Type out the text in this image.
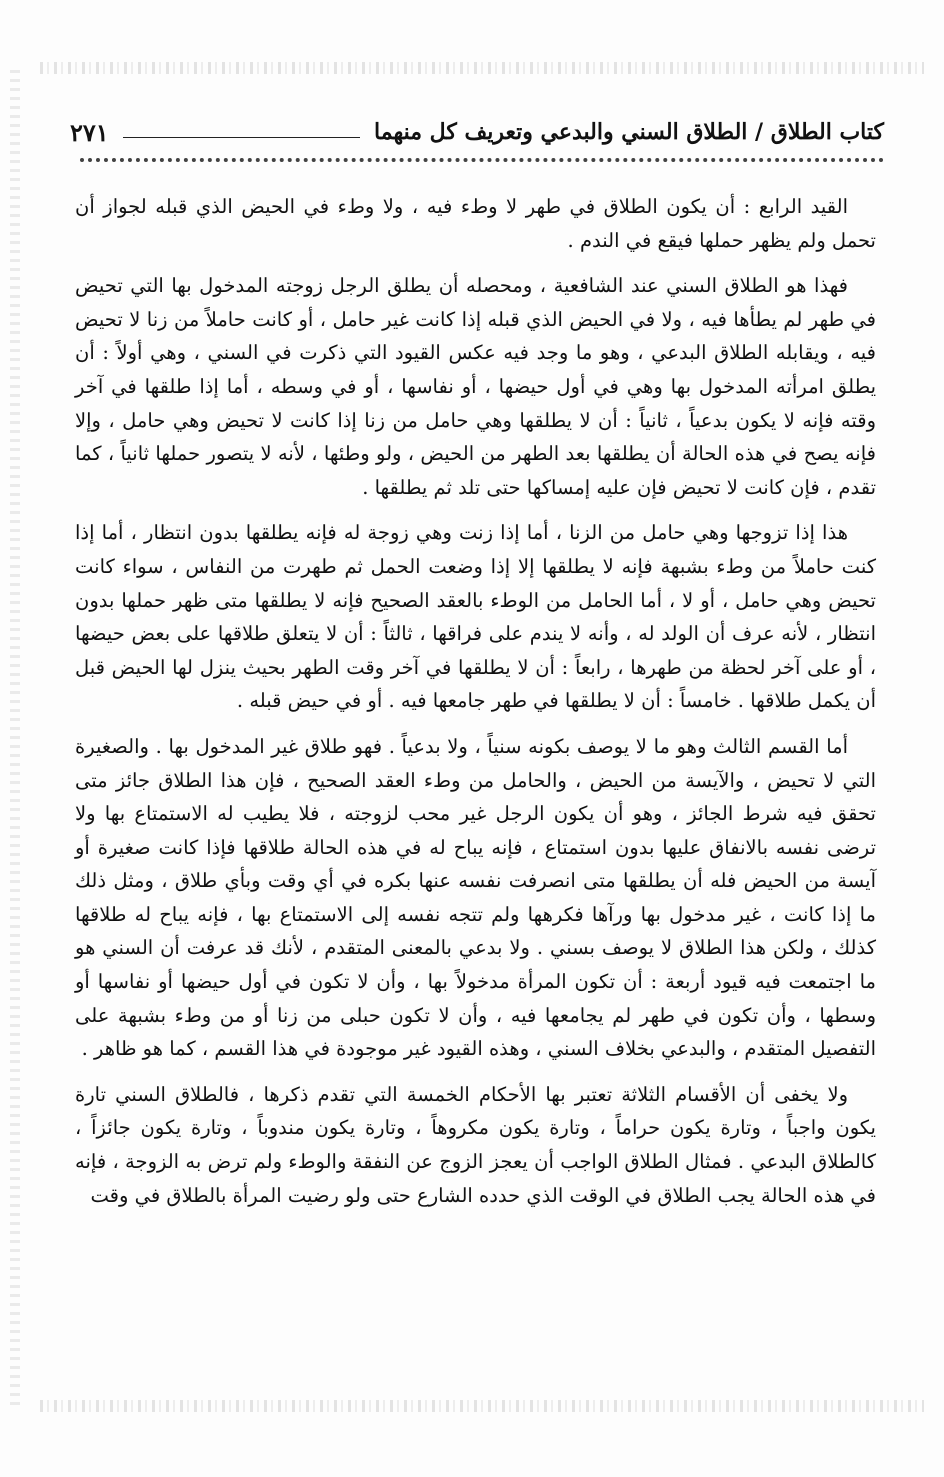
كتاب الطلاق / الطلاق السني والبدعي وتعريف كل منهما
٢٧١

القيد الرابع : أن يكون الطلاق في طهر لا وطء فيه ، ولا وطء في الحيض الذي قبله لجواز أن تحمل ولم يظهر حملها فيقع في الندم .

فهذا هو الطلاق السني عند الشافعية ، ومحصله أن يطلق الرجل زوجته المدخول بها التي تحيض في طهر لم يطأها فيه ، ولا في الحيض الذي قبله إذا كانت غير حامل ، أو كانت حاملاً من زنا لا تحيض فيه ، ويقابله الطلاق البدعي ، وهو ما وجد فيه عكس القيود التي ذكرت في السني ، وهي أولاً : أن يطلق امرأته المدخول بها وهي في أول حيضها ، أو نفاسها ، أو في وسطه ، أما إذا طلقها في آخر وقته فإنه لا يكون بدعياً ، ثانياً : أن لا يطلقها وهي حامل من زنا إذا كانت لا تحيض وهي حامل ، وإلا فإنه يصح في هذه الحالة أن يطلقها بعد الطهر من الحيض ، ولو وطئها ، لأنه لا يتصور حملها ثانياً ، كما تقدم ، فإن كانت لا تحيض فإن عليه إمساكها حتى تلد ثم يطلقها .

هذا إذا تزوجها وهي حامل من الزنا ، أما إذا زنت وهي زوجة له فإنه يطلقها بدون انتظار ، أما إذا كنت حاملاً من وطء بشبهة فإنه لا يطلقها إلا إذا وضعت الحمل ثم طهرت من النفاس ، سواء كانت تحيض وهي حامل ، أو لا ، أما الحامل من الوطء بالعقد الصحيح فإنه لا يطلقها متى ظهر حملها بدون انتظار ، لأنه عرف أن الولد له ، وأنه لا يندم على فراقها ، ثالثاً : أن لا يتعلق طلاقها على بعض حيضها ، أو على آخر لحظة من طهرها ، رابعاً : أن لا يطلقها في آخر وقت الطهر بحيث ينزل لها الحيض قبل أن يكمل طلاقها . خامساً : أن لا يطلقها في طهر جامعها فيه . أو في حيض قبله .

أما القسم الثالث وهو ما لا يوصف بكونه سنياً ، ولا بدعياً . فهو طلاق غير المدخول بها . والصغيرة التي لا تحيض ، والآيسة من الحيض ، والحامل من وطء العقد الصحيح ، فإن هذا الطلاق جائز متى تحقق فيه شرط الجائز ، وهو أن يكون الرجل غير محب لزوجته ، فلا يطيب له الاستمتاع بها ولا ترضى نفسه بالانفاق عليها بدون استمتاع ، فإنه يباح له في هذه الحالة طلاقها فإذا كانت صغيرة أو آيسة من الحيض فله أن يطلقها متى انصرفت نفسه عنها بكره في أي وقت وبأي طلاق ، ومثل ذلك ما إذا كانت ، غير مدخول بها ورآها فكرهها ولم تتجه نفسه إلى الاستمتاع بها ، فإنه يباح له طلاقها كذلك ، ولكن هذا الطلاق لا يوصف بسني . ولا بدعي بالمعنى المتقدم ، لأنك قد عرفت أن السني هو ما اجتمعت فيه قيود أربعة : أن تكون المرأة مدخولاً بها ، وأن لا تكون في أول حيضها أو نفاسها أو وسطها ، وأن تكون في طهر لم يجامعها فيه ، وأن لا تكون حبلى من زنا أو من وطء بشبهة على التفصيل المتقدم ، والبدعي بخلاف السني ، وهذه القيود غير موجودة في هذا القسم ، كما هو ظاهر .

ولا يخفى أن الأقسام الثلاثة تعتبر بها الأحكام الخمسة التي تقدم ذكرها ، فالطلاق السني تارة يكون واجباً ، وتارة يكون حراماً ، وتارة يكون مكروهاً ، وتارة يكون مندوباً ، وتارة يكون جائزاً ، كالطلاق البدعي . فمثال الطلاق الواجب أن يعجز الزوج عن النفقة والوطء ولم ترض به الزوجة ، فإنه في هذه الحالة يجب الطلاق في الوقت الذي حدده الشارع حتى ولو رضيت المرأة بالطلاق في وقت
